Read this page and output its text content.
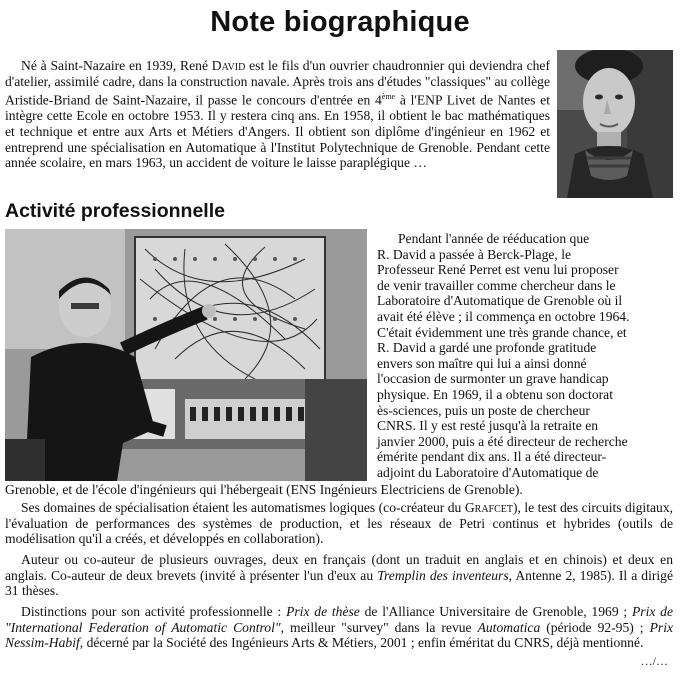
Note biographique

Né à Saint-Nazaire en 1939, René David est le fils d'un ouvrier chaudronnier qui deviendra chef d'atelier, assimilé cadre, dans la construction navale. Après trois ans d'études "classiques" au collège Aristide-Briand de Saint-Nazaire, il passe le concours d'entrée en 4ème à l'ENP Livet de Nantes et intègre cette Ecole en octobre 1953. Il y restera cinq ans. En 1958, il obtient le bac mathématiques et technique et entre aux Arts et Métiers d'Angers. Il obtient son diplôme d'ingénieur en 1962 et entreprend une spécialisation en Automatique à l'Institut Polytechnique de Grenoble. Pendant cette année scolaire, en mars 1963, un accident de voiture le laisse paraplégique …

Activité professionnelle

Pendant l'année de rééducation que
R. David a passée à Berck-Plage, le
Professeur René Perret est venu lui proposer
de venir travailler comme chercheur dans le
Laboratoire d'Automatique de Grenoble où il
avait été élève ; il commença en octobre 1964.
C'était évidemment une très grande chance, et
R. David a gardé une profonde gratitude
envers son maître qui lui a ainsi donné
l'occasion de surmonter un grave handicap
physique. En 1969, il a obtenu son doctorat
ès-sciences, puis un poste de chercheur
CNRS. Il y est resté jusqu'à la retraite en
janvier 2000, puis a été directeur de recherche
émérite pendant dix ans. Il a été directeur-
adjoint du Laboratoire d'Automatique de

Grenoble, et de l'école d'ingénieurs qui l'hébergeait (ENS Ingénieurs Electriciens de Grenoble).

Ses domaines de spécialisation étaient les automatismes logiques (co-créateur du Grafcet), le test des circuits digitaux, l'évaluation de performances des systèmes de production, et les réseaux de Petri continus et hybrides (outils de modélisation qu'il a créés, et développés en collaboration).

Auteur ou co-auteur de plusieurs ouvrages, deux en français (dont un traduit en anglais et en chinois) et deux en anglais. Co-auteur de deux brevets (invité à présenter l'un d'eux au Tremplin des inventeurs, Antenne 2, 1985). Il a dirigé 31 thèses.

Distinctions pour son activité professionnelle : Prix de thèse de l'Alliance Universitaire de Grenoble, 1969 ; Prix de "International Federation of Automatic Control", meilleur "survey" dans la revue Automatica (période 92-95) ; Prix Nessim-Habif, décerné par la Société des Ingénieurs Arts & Métiers, 2001 ; enfin éméritat du CNRS, déjà mentionné.

…/…
